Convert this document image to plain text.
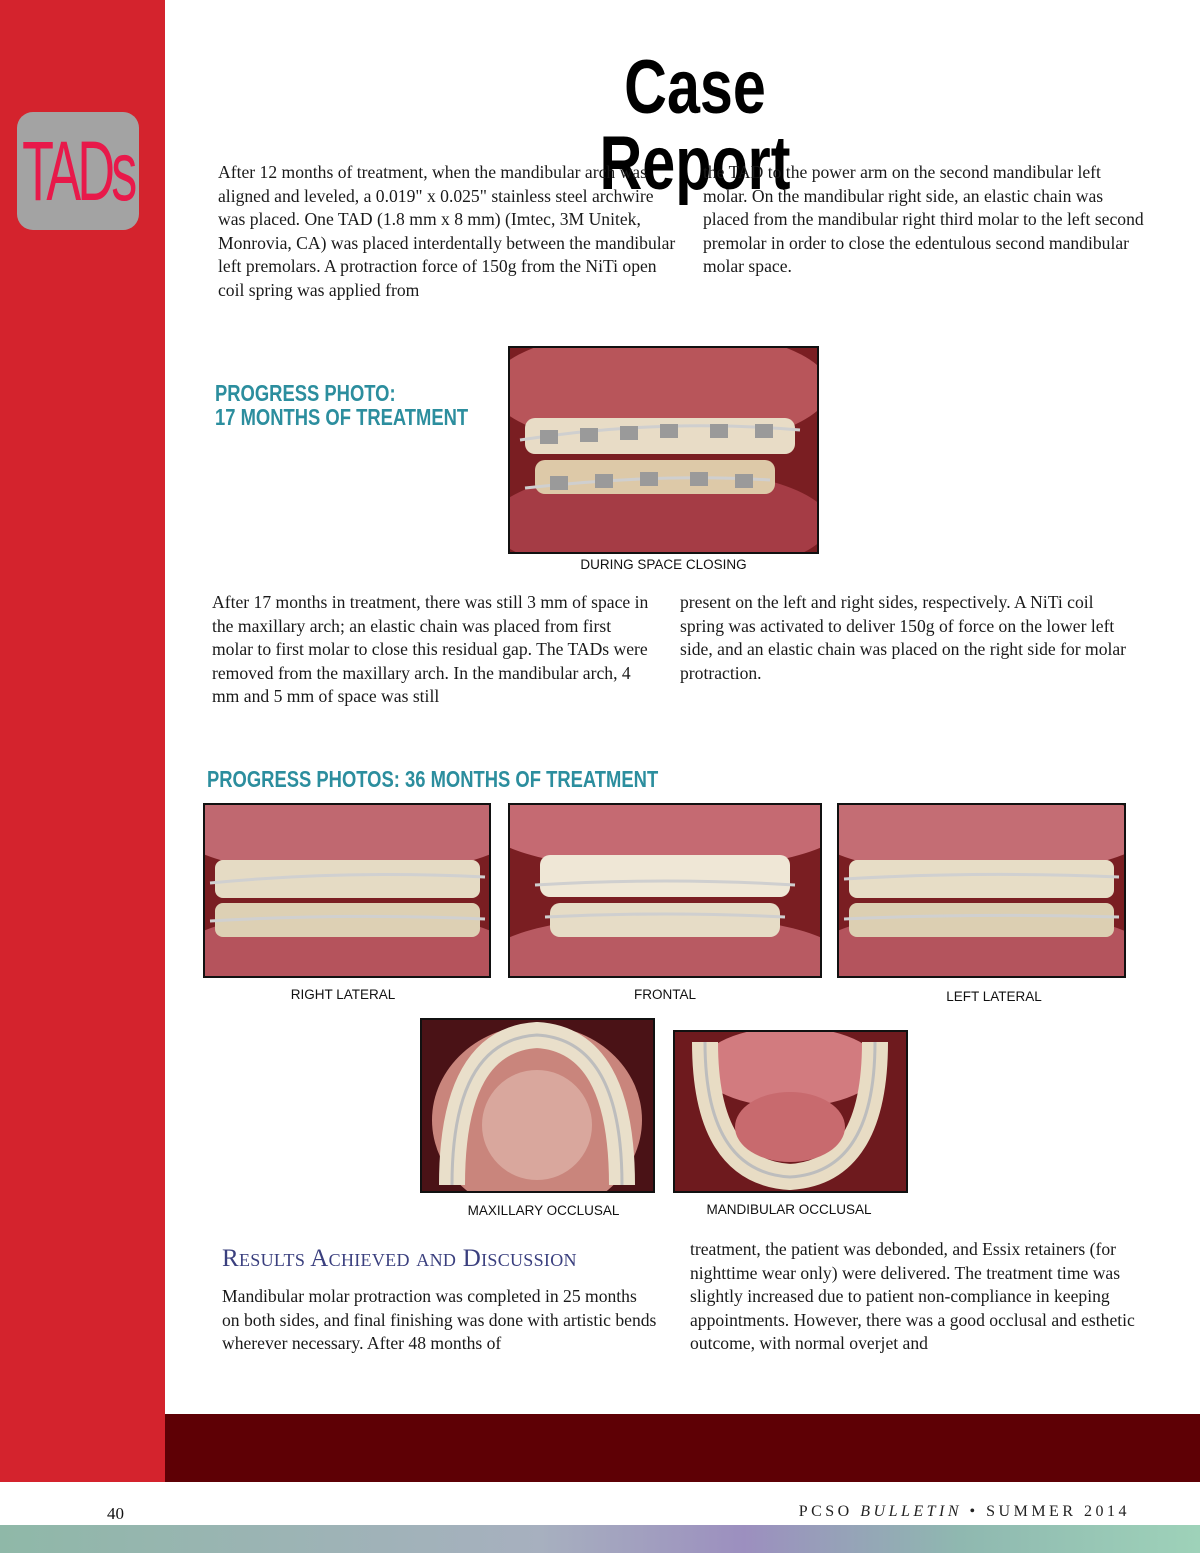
TADs
Case Report

After 12 months of treatment, when the mandibular arch was aligned and leveled, a 0.019" x 0.025" stainless steel archwire was placed. One TAD (1.8 mm x 8 mm) (Imtec, 3M Unitek, Monrovia, CA) was placed interdentally between the mandibular left premolars. A protraction force of 150g from the NiTi open coil spring was applied from

the TAD to the power arm on the second mandibular left molar. On the mandibular right side, an elastic chain was placed from the mandibular right third molar to the left second premolar in order to close the edentulous second mandibular molar space.

PROGRESS PHOTO:
17 MONTHS OF TREATMENT

DURING SPACE CLOSING

After 17 months in treatment, there was still 3 mm of space in the maxillary arch; an elastic chain was placed from first molar to first molar to close this residual gap. The TADs were removed from the maxillary arch. In the mandibular arch, 4 mm and 5 mm of space was still

present on the left and right sides, respectively. A NiTi coil spring was activated to deliver 150g of force on the lower left side, and an elastic chain was placed on the right side for molar protraction.

PROGRESS PHOTOS: 36 MONTHS OF TREATMENT

RIGHT LATERAL	FRONTAL	LEFT LATERAL

MAXILLARY OCCLUSAL	MANDIBULAR OCCLUSAL

Results Achieved and Discussion

Mandibular molar protraction was completed in 25 months on both sides, and final finishing was done with artistic bends wherever necessary. After 48 months of

treatment, the patient was debonded, and Essix retainers (for nighttime wear only) were delivered. The treatment time was slightly increased due to patient non-compliance in keeping appointments. However, there was a good occlusal and esthetic outcome, with normal overjet and

40	PCSO BULLETIN • SUMMER 2014
